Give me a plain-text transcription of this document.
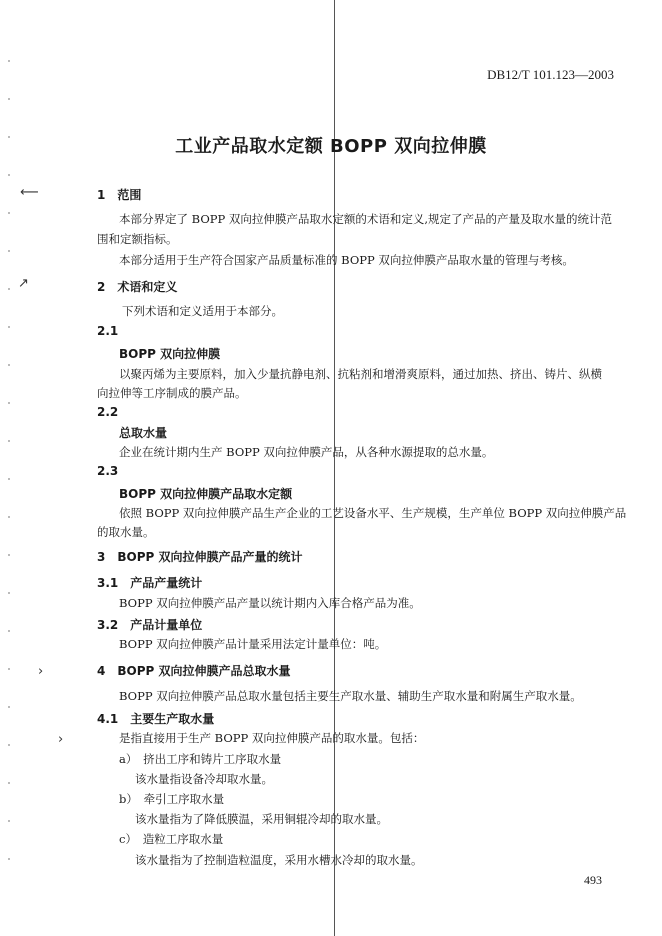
⟵
↗
›
›
DB12/T 101.123—2003
工业产品取水定额 BOPP 双向拉伸膜
1　范围
本部分界定了 BOPP 双向拉伸膜产品取水定额的术语和定义,规定了产品的产量及取水量的统计范
围和定额指标。
本部分适用于生产符合国家产品质量标准的 BOPP 双向拉伸膜产品取水量的管理与考核。
2　术语和定义
下列术语和定义适用于本部分。
2.1
BOPP 双向拉伸膜
以聚丙烯为主要原料，加入少量抗静电剂、抗粘剂和增滑爽原料，通过加热、挤出、铸片、纵横
向拉伸等工序制成的膜产品。
2.2
总取水量
企业在统计期内生产 BOPP 双向拉伸膜产品，从各种水源提取的总水量。
2.3
BOPP 双向拉伸膜产品取水定额
依照 BOPP 双向拉伸膜产品生产企业的工艺设备水平、生产规模，生产单位 BOPP 双向拉伸膜产品
的取水量。
3　BOPP 双向拉伸膜产品产量的统计
3.1　产品产量统计
BOPP 双向拉伸膜产品产量以统计期内入库合格产品为准。
3.2　产品计量单位
BOPP 双向拉伸膜产品计量采用法定计量单位：吨。
4　BOPP 双向拉伸膜产品总取水量
BOPP 双向拉伸膜产品总取水量包括主要生产取水量、辅助生产取水量和附属生产取水量。
4.1　主要生产取水量
是指直接用于生产 BOPP 双向拉伸膜产品的取水量。包括：
a）　挤出工序和铸片工序取水量
该水量指设备冷却取水量。
b）　牵引工序取水量
该水量指为了降低膜温，采用铜辊冷却的取水量。
c）　造粒工序取水量
该水量指为了控制造粒温度，采用水槽水冷却的取水量。
493
